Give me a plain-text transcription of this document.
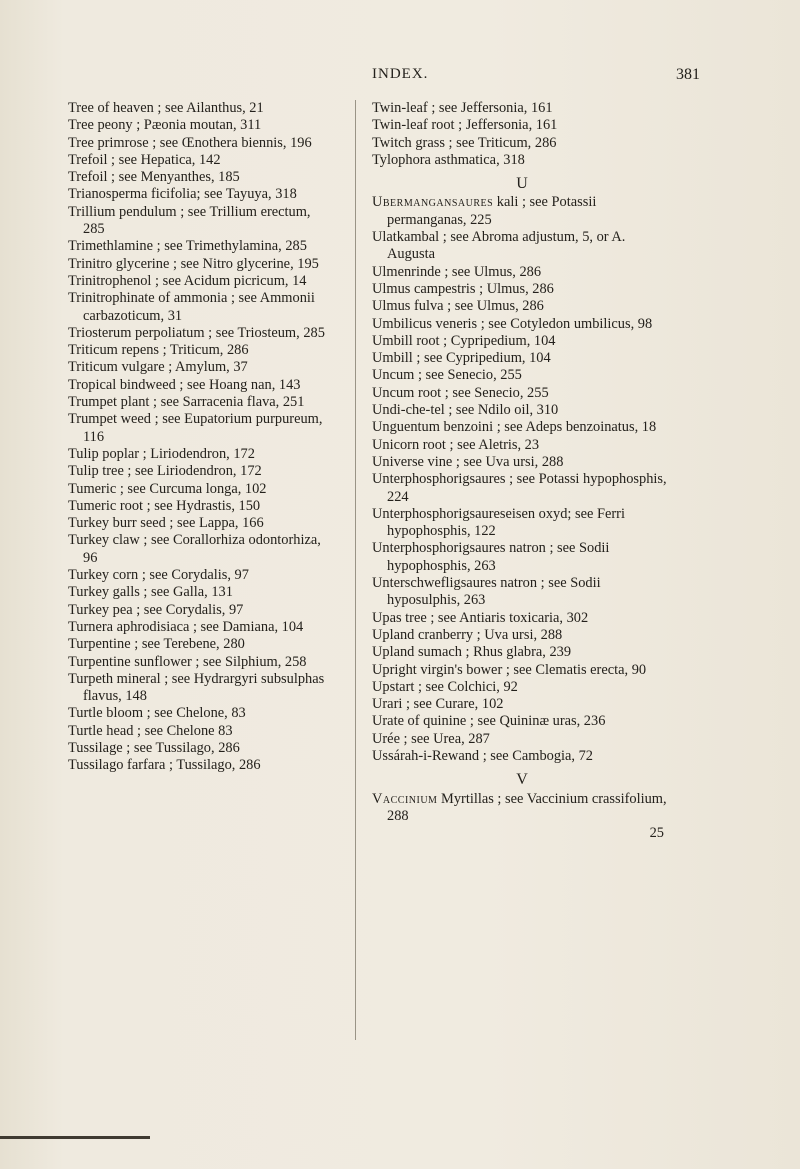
INDEX.	381

Tree of heaven ; see Ailanthus, 21

Tree peony ; Pæonia moutan, 311

Tree primrose ; see Œnothera biennis, 196

Trefoil ; see Hepatica, 142

Trefoil ; see Menyanthes, 185

Trianosperma ficifolia; see Tayuya, 318

Trillium pendulum ; see Trillium erectum, 285

Trimethlamine ; see Trimethylamina, 285

Trinitro glycerine ; see Nitro glycerine, 195

Trinitrophenol ; see Acidum picricum, 14

Trinitrophinate of ammonia ; see Ammonii carbazoticum, 31

Triosterum perpoliatum ; see Triosteum, 285

Triticum repens ; Triticum, 286

Triticum vulgare ; Amylum, 37

Tropical bindweed ; see Hoang nan, 143

Trumpet plant ; see Sarracenia flava, 251

Trumpet weed ; see Eupatorium purpureum, 116

Tulip poplar ; Liriodendron, 172

Tulip tree ; see Liriodendron, 172

Tumeric ; see Curcuma longa, 102

Tumeric root ; see Hydrastis, 150

Turkey burr seed ; see Lappa, 166

Turkey claw ; see Corallorhiza odontorhiza, 96

Turkey corn ; see Corydalis, 97

Turkey galls ; see Galla, 131

Turkey pea ; see Corydalis, 97

Turnera aphrodisiaca ; see Damiana, 104

Turpentine ; see Terebene, 280

Turpentine sunflower ; see Silphium, 258

Turpeth mineral ; see Hydrargyri subsulphas flavus, 148

Turtle bloom ; see Chelone, 83

Turtle head ; see Chelone 83

Tussilage ; see Tussilago, 286

Tussilago farfara ; Tussilago, 286

Twin-leaf ; see Jeffersonia, 161

Twin-leaf root ; Jeffersonia, 161

Twitch grass ; see Triticum, 286

Tylophora asthmatica, 318

U

Ubermangansaures kali ; see Potassii permanganas, 225

Ulatkambal ; see Abroma adjustum, 5, or A. Augusta

Ulmenrinde ; see Ulmus, 286

Ulmus campestris ; Ulmus, 286

Ulmus fulva ; see Ulmus, 286

Umbilicus veneris ; see Cotyledon umbilicus, 98

Umbill root ; Cypripedium, 104

Umbill ; see Cypripedium, 104

Uncum ; see Senecio, 255

Uncum root ; see Senecio, 255

Undi-che-tel ; see Ndilo oil, 310

Unguentum benzoini ; see Adeps benzoinatus, 18

Unicorn root ; see Aletris, 23

Universe vine ; see Uva ursi, 288

Unterphosphorigsaures ; see Potassi hypophosphis, 224

Unterphosphorigsaureseisen oxyd; see Ferri hypophosphis, 122

Unterphosphorigsaures natron ; see Sodii hypophosphis, 263

Unterschwefligsaures natron ; see Sodii hyposulphis, 263

Upas tree ; see Antiaris toxicaria, 302

Upland cranberry ; Uva ursi, 288

Upland sumach ; Rhus glabra, 239

Upright virgin's bower ; see Clematis erecta, 90

Upstart ; see Colchici, 92

Urari ; see Curare, 102

Urate of quinine ; see Quininæ uras, 236

Urée ; see Urea, 287

Ussárah-i-Rewand ; see Cambogia, 72

V

Vaccinium Myrtillas ; see Vaccinium crassifolium, 288

25
